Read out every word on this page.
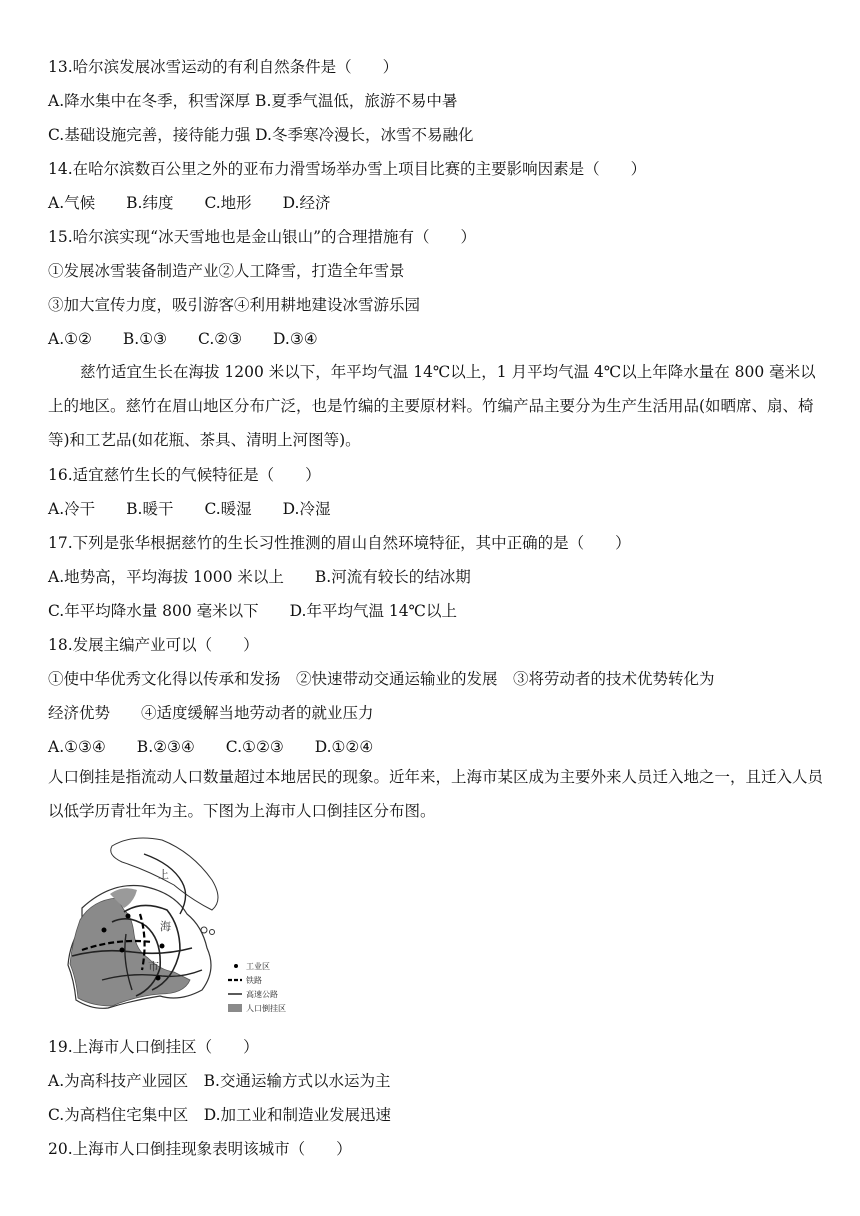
13.哈尔滨发展冰雪运动的有利自然条件是（　　）
A.降水集中在冬季，积雪深厚 B.夏季气温低，旅游不易中暑
C.基础设施完善，接待能力强 D.冬季寒冷漫长，冰雪不易融化
14.在哈尔滨数百公里之外的亚布力滑雪场举办雪上项目比赛的主要影响因素是（　　）
A.气候　　B.纬度　　C.地形　　D.经济
15.哈尔滨实现“冰天雪地也是金山银山”的合理措施有（　　）
①发展冰雪装备制造产业②人工降雪，打造全年雪景
③加大宣传力度，吸引游客④利用耕地建设冰雪游乐园
A.①②　　B.①③　　C.②③　　D.③④
慈竹适宜生长在海拔 1200 米以下，年平均气温 14℃以上，1 月平均气温 4℃以上年降水量在 800 毫米以上的地区。慈竹在眉山地区分布广泛，也是竹编的主要原材料。竹编产品主要分为生产生活用品(如晒席、扇、椅等)和工艺品(如花瓶、茶具、清明上河图等)。
16.适宜慈竹生长的气候特征是（　　）
A.冷干　　B.暖干　　C.暖湿　　D.冷湿
17.下列是张华根据慈竹的生长习性推测的眉山自然环境特征，其中正确的是（　　）
A.地势高，平均海拔 1000 米以上　　B.河流有较长的结冰期
C.年平均降水量 800 毫米以下　　D.年平均气温 14℃以上
18.发展主编产业可以（　　）
①使中华优秀文化得以传承和发扬　②快速带动交通运输业的发展　③将劳动者的技术优势转化为
经济优势　　④适度缓解当地劳动者的就业压力
A.①③④　　B.②③④　　C.①②③　　D.①②④
人口倒挂是指流动人口数量超过本地居民的现象。近年来，上海市某区成为主要外来人员迁入地之一，且迁入人员以低学历青壮年为主。下图为上海市人口倒挂区分布图。
上
海
市	工业区
铁路
高速公路
人口倒挂区
19.上海市人口倒挂区（　　）
A.为高科技产业园区　B.交通运输方式以水运为主
C.为高档住宅集中区　D.加工业和制造业发展迅速
20.上海市人口倒挂现象表明该城市（　　）
